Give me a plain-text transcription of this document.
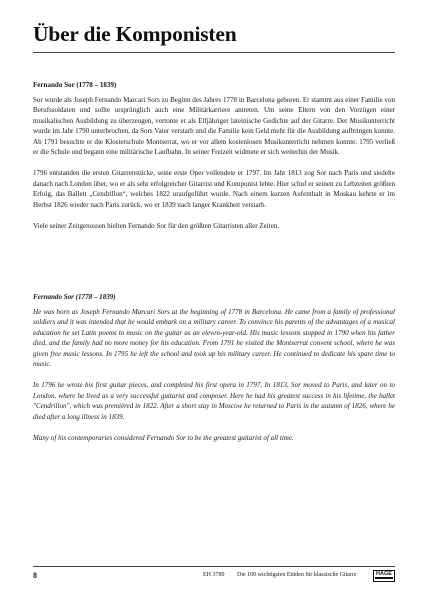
Über die Komponisten

Fernando Sor (1778 – 1839)

Sor wurde als Joseph Fernando Marcari Sors zu Beginn des Jahres 1778 in Barcelona geboren. Er stammt aus einer Familie von Berufssoldaten und sollte ursprünglich auch eine Militärkarriere antreten. Um seine Eltern von den Vorzügen einer musikalischen Ausbildung zu überzeugen, vertonte er als Elfjähriger lateinische Gedichte auf der Gitarre. Der Musikunterricht wurde im Jahr 1790 unterbrochen, da Sors Vater verstarb und die Familie kein Geld mehr für die Ausbildung aufbringen konnte. Ab 1791 besuchte er die Klosterschule Montserrat, wo er vor allem kostenlosen Musikunterricht nehmen konnte. 1795 verließ er die Schule und begann eine militärische Laufbahn. In seiner Freizeit widmete er sich weiterhin der Musik.

1796 entstanden die ersten Gitarrenstücke, seine erste Oper vollendete er 1797. Im Jahr 1813 zog Sor nach Paris und siedelte danach nach London über, wo er als sehr erfolgreicher Gitarrist und Komponist lebte. Hier schuf er seinen zu Lebzeiten größten Erfolg, das Ballett „Cendrillon“, welches 1822 uraufgeführt wurde. Nach einem kurzen Aufenthalt in Moskau kehrte er im Herbst 1826 wieder nach Paris zurück, wo er 1839 nach langer Krankheit verstarb.

Viele seiner Zeitgenossen hielten Fernando Sor für den größten Gitarristen aller Zeiten.

Fernando Sor (1778 – 1839)

He was born as Joseph Fernando Marcari Sors at the beginning of 1778 in Barcelona. He came from a family of professional soldiers and it was intended that he would embark on a military career. To convince his parents of the advantages of a musical education he set Latin poems to music on the guitar as an eleven-year-old. His music lessons stopped in 1790 when his father died, and the family had no more money for his education. From 1791 he visited the Montserrat convent school, where he was given free music lessons. In 1795 he left the school and took up his military career. He continued to dedicate his spare time to music.

In 1796 he wrote his first guitar pieces, and completed his first opera in 1797. In 1813, Sor moved to Paris, and later on to London, where he lived as a very successful guitarist and composer. Here he had his greatest success in his lifetime, the ballet "Cendrillon", which was premièred in 1822. After a short stay in Moscow he returned to Paris in the autumn of 1826, where he died after a long illness in 1839.

Many of his contemporaries considered Fernando Sor to be the greatest guitarist of all time.

8	EH 3789 Die 100 wichtigsten Etüden für klassische Gitarre	HAGE
